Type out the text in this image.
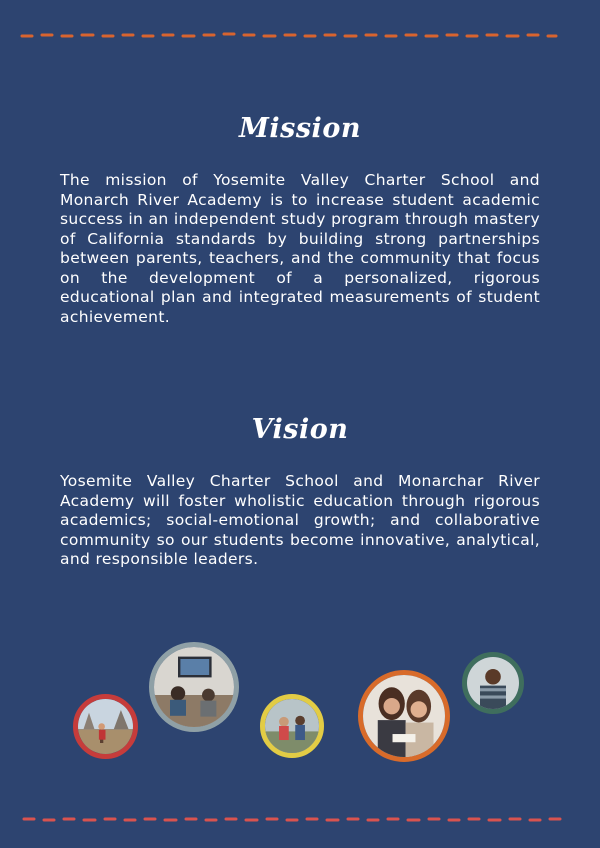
Mission

The mission of Yosemite Valley Charter School and Monarch River Academy is to increase student academic success in an independent study program through mastery of California standards by building strong partnerships between parents, teachers, and the community that focus on the development of a personalized, rigorous educational plan and integrated measurements of student achievement.

Vision

Yosemite Valley Charter School and Monarchar River Academy will foster wholistic education through rigorous academics; social-emotional growth; and collaborative community so our students become innovative, analytical, and responsible leaders.
